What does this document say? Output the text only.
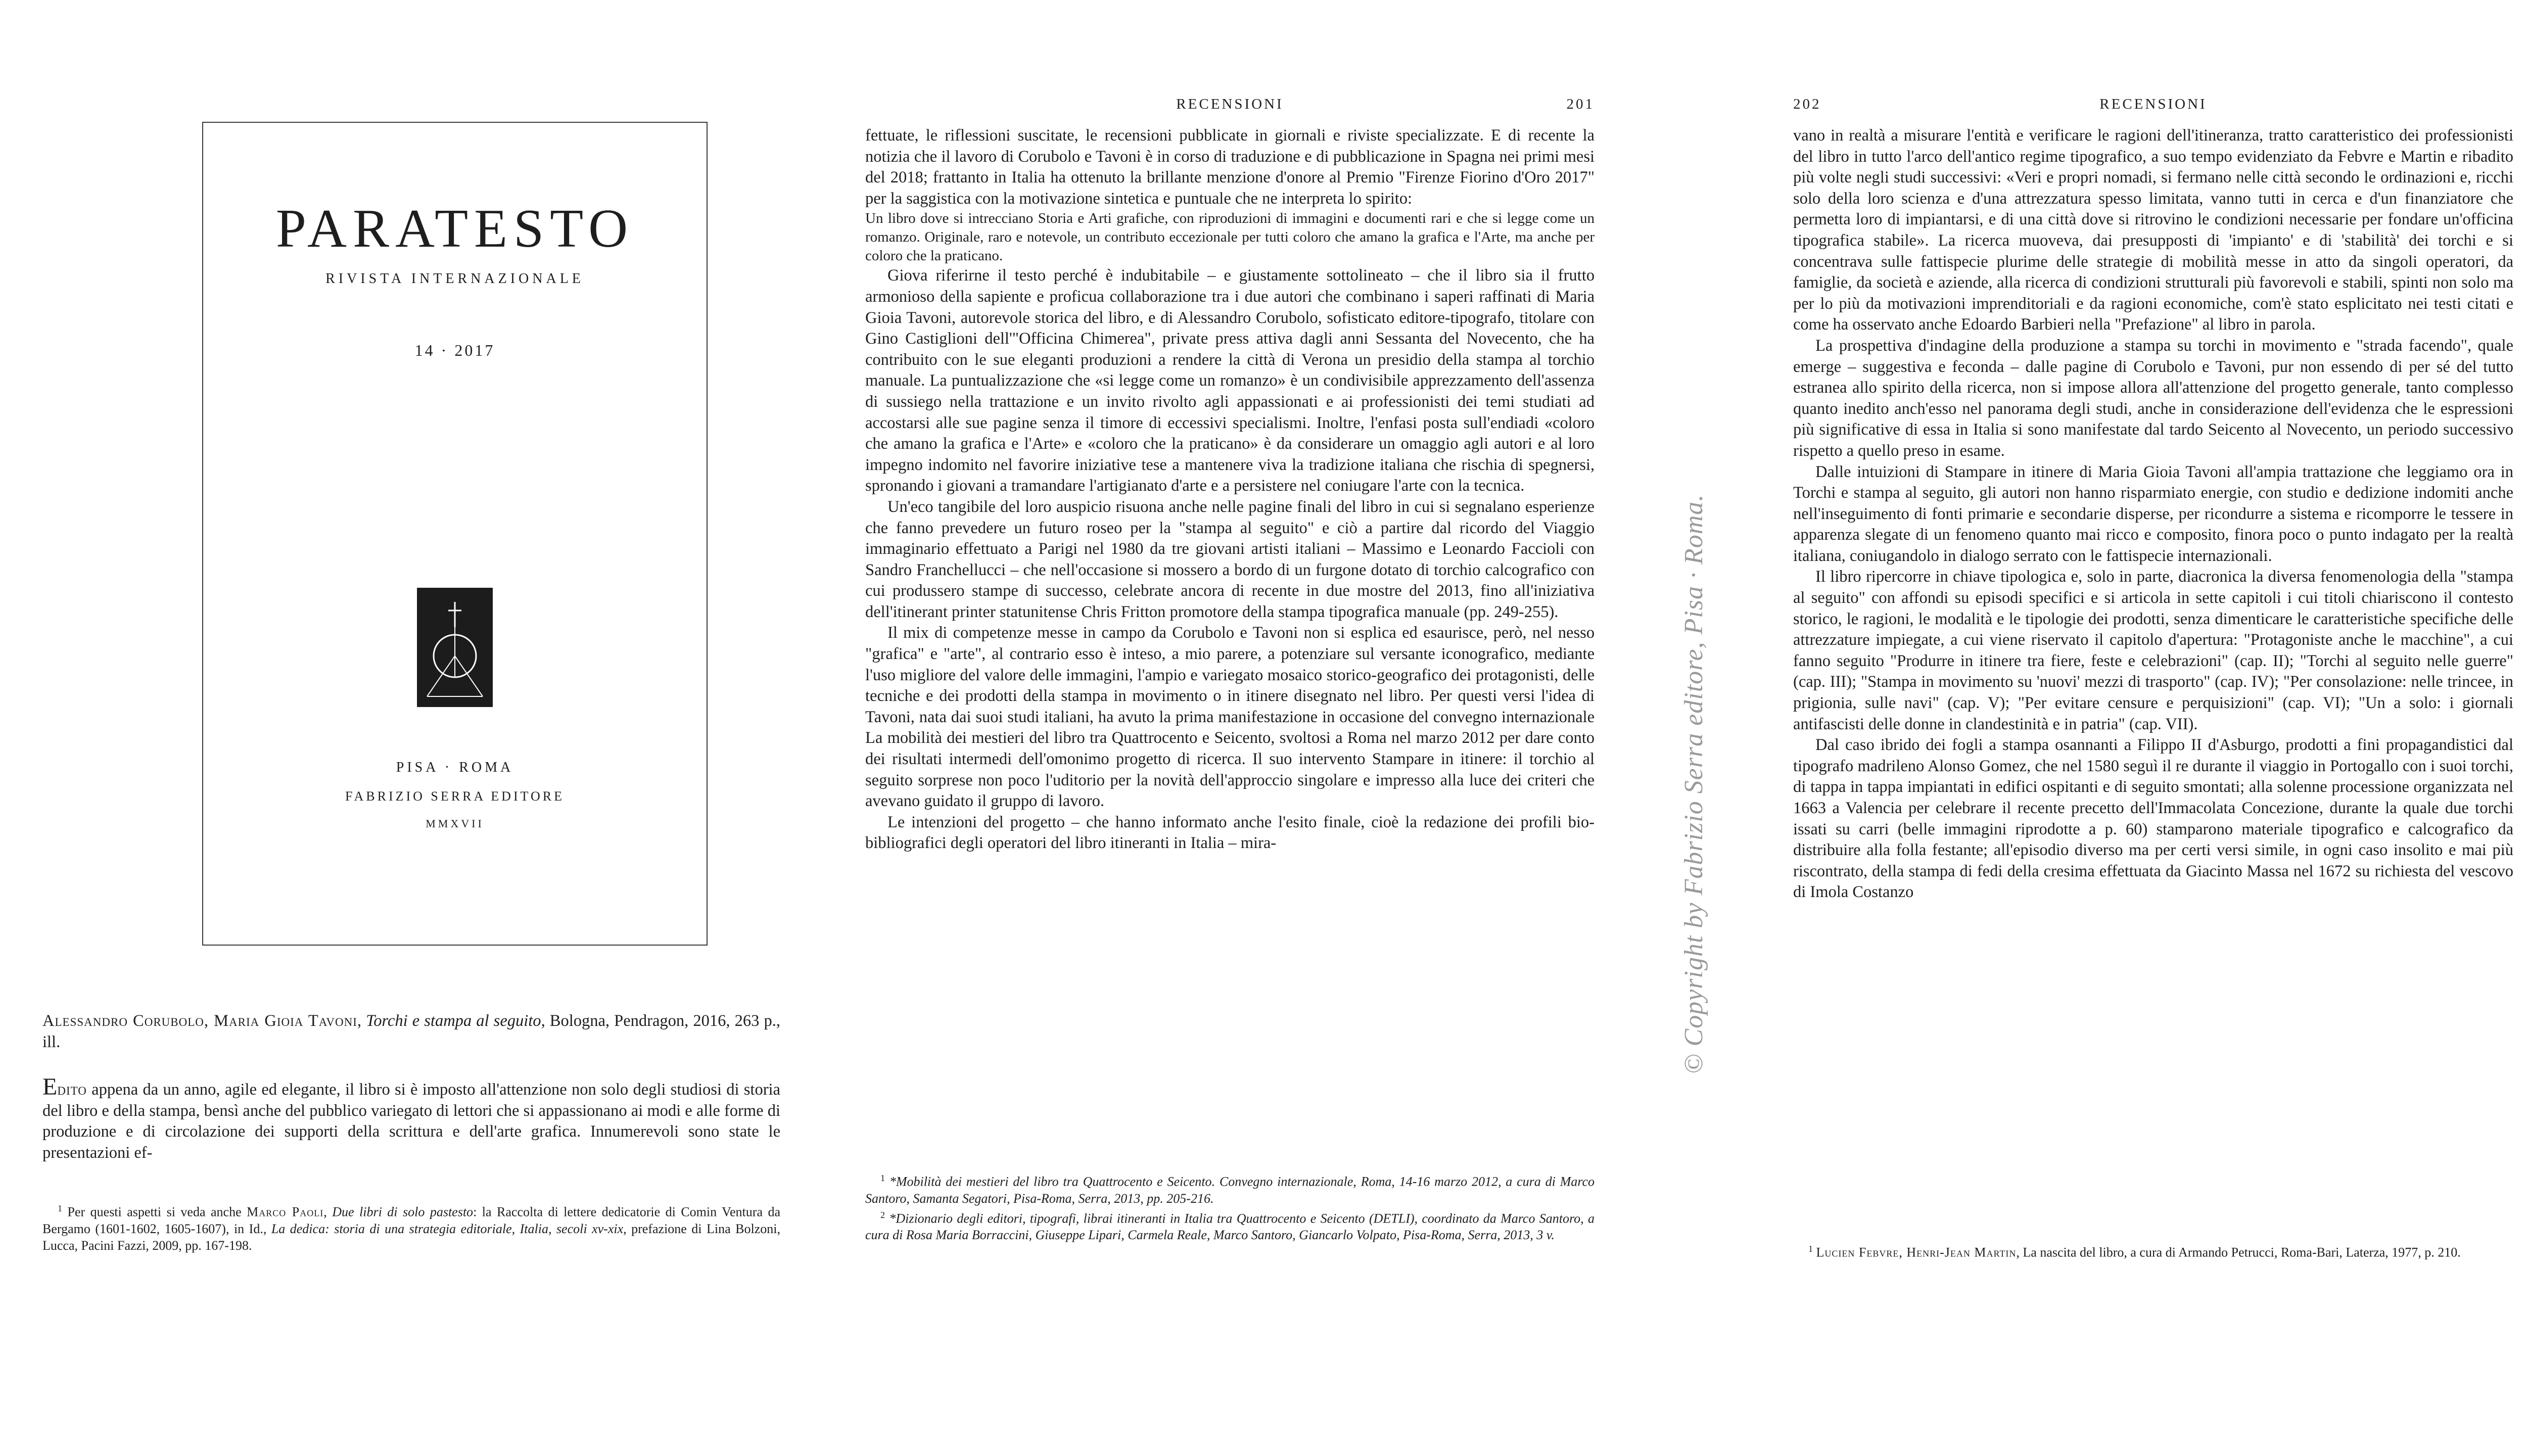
PARATESTO
RIVISTA INTERNAZIONALE
14 · 2017
PISA · ROMA
FABRIZIO SERRA EDITORE
MMXVII
Alessandro Corubolo, Maria Gioia Tavoni, Torchi e stampa al seguito, Bologna, Pendragon, 2016, 263 p., ill.
Edito appena da un anno, agile ed elegante, il libro si è imposto all'attenzione non solo degli studiosi di storia del libro e della stampa, bensì anche del pubblico variegato di lettori che si appassionano ai modi e alle forme di produzione e di circolazione dei supporti della scrittura e dell'arte grafica. Innumerevoli sono state le presentazioni ef-

$^1$ Per questi aspetti si veda anche Marco Paoli, Due libri di solo pastesto: la Raccolta di lettere dedicatorie di Comin Ventura da Bergamo (1601-1602, 1605-1607), in Id., La dedica: storia di una strategia editoriale, Italia, secoli xv-xix, prefazione di Lina Bolzoni, Lucca, Pacini Fazzi, 2009, pp. 167-198.

RECENSIONI	201

fettuate, le riflessioni suscitate, le recensioni pubblicate in giornali e riviste specializzate. E di recente la notizia che il lavoro di Corubolo e Tavoni è in corso di traduzione e di pubblicazione in Spagna nei primi mesi del 2018; frattanto in Italia ha ottenuto la brillante menzione d'onore al Premio "Firenze Fiorino d'Oro 2017" per la saggistica con la motivazione sintetica e puntuale che ne interpreta lo spirito:

Un libro dove si intrecciano Storia e Arti grafiche, con riproduzioni di immagini e documenti rari e che si legge come un romanzo. Originale, raro e notevole, un contributo eccezionale per tutti coloro che amano la grafica e l'Arte, ma anche per coloro che la praticano.

Giova riferirne il testo perché è indubitabile – e giustamente sottolineato – che il libro sia il frutto armonioso della sapiente e proficua collaborazione tra i due autori che combinano i saperi raffinati di Maria Gioia Tavoni, autorevole storica del libro, e di Alessandro Corubolo, sofisticato editore-tipografo, titolare con Gino Castiglioni dell'"Officina Chimerea", private press attiva dagli anni Sessanta del Novecento, che ha contribuito con le sue eleganti produzioni a rendere la città di Verona un presidio della stampa al torchio manuale. La puntualizzazione che «si legge come un romanzo» è un condivisibile apprezzamento dell'assenza di sussiego nella trattazione e un invito rivolto agli appassionati e ai professionisti dei temi studiati ad accostarsi alle sue pagine senza il timore di eccessivi specialismi. Inoltre, l'enfasi posta sull'endiadi «coloro che amano la grafica e l'Arte» e «coloro che la praticano» è da considerare un omaggio agli autori e al loro impegno indomito nel favorire iniziative tese a mantenere viva la tradizione italiana che rischia di spegnersi, spronando i giovani a tramandare l'artigianato d'arte e a persistere nel coniugare l'arte con la tecnica.

Un'eco tangibile del loro auspicio risuona anche nelle pagine finali del libro in cui si segnalano esperienze che fanno prevedere un futuro roseo per la "stampa al seguito" e ciò a partire dal ricordo del Viaggio immaginario effettuato a Parigi nel 1980 da tre giovani artisti italiani – Massimo e Leonardo Faccioli con Sandro Franchellucci – che nell'occasione si mossero a bordo di un furgone dotato di torchio calcografico con cui produssero stampe di successo, celebrate ancora di recente in due mostre del 2013, fino all'iniziativa dell'itinerant printer statunitense Chris Fritton promotore della stampa tipografica manuale (pp. 249-255).

Il mix di competenze messe in campo da Corubolo e Tavoni non si esplica ed esaurisce, però, nel nesso "grafica" e "arte", al contrario esso è inteso, a mio parere, a potenziare sul versante iconografico, mediante l'uso migliore del valore delle immagini, l'ampio e variegato mosaico storico-geografico dei protagonisti, delle tecniche e dei prodotti della stampa in movimento o in itinere disegnato nel libro. Per questi versi l'idea di Tavoni, nata dai suoi studi italiani, ha avuto la prima manifestazione in occasione del convegno internazionale La mobilità dei mestieri del libro tra Quattrocento e Seicento, svoltosi a Roma nel marzo 2012 per dare conto dei risultati intermedi dell'omonimo progetto di ricerca. Il suo intervento Stampare in itinere: il torchio al seguito sorprese non poco l'uditorio per la novità dell'approccio singolare e impresso alla luce dei criteri che avevano guidato il gruppo di lavoro.

Le intenzioni del progetto – che hanno informato anche l'esito finale, cioè la redazione dei profili bio-bibliografici degli operatori del libro itineranti in Italia – mira-

$^1$ *Mobilità dei mestieri del libro tra Quattrocento e Seicento. Convegno internazionale, Roma, 14-16 marzo 2012, a cura di Marco Santoro, Samanta Segatori, Pisa-Roma, Serra, 2013, pp. 205-216.

$^2$ *Dizionario degli editori, tipografi, librai itineranti in Italia tra Quattrocento e Seicento (DETLI), coordinato da Marco Santoro, a cura di Rosa Maria Borraccini, Giuseppe Lipari, Carmela Reale, Marco Santoro, Giancarlo Volpato, Pisa-Roma, Serra, 2013, 3 v.

© Copyright by Fabrizio Serra editore, Pisa · Roma.
202	RECENSIONI

vano in realtà a misurare l'entità e verificare le ragioni dell'itineranza, tratto caratteristico dei professionisti del libro in tutto l'arco dell'antico regime tipografico, a suo tempo evidenziato da Febvre e Martin e ribadito più volte negli studi successivi: «Veri e propri nomadi, si fermano nelle città secondo le ordinazioni e, ricchi solo della loro scienza e d'una attrezzatura spesso limitata, vanno tutti in cerca e d'un finanziatore che permetta loro di impiantarsi, e di una città dove si ritrovino le condizioni necessarie per fondare un'officina tipografica stabile». La ricerca muoveva, dai presupposti di 'impianto' e di 'stabilità' dei torchi e si concentrava sulle fattispecie plurime delle strategie di mobilità messe in atto da singoli operatori, da famiglie, da società e aziende, alla ricerca di condizioni strutturali più favorevoli e stabili, spinti non solo ma per lo più da motivazioni imprenditoriali e da ragioni economiche, com'è stato esplicitato nei testi citati e come ha osservato anche Edoardo Barbieri nella "Prefazione" al libro in parola.

La prospettiva d'indagine della produzione a stampa su torchi in movimento e "strada facendo", quale emerge – suggestiva e feconda – dalle pagine di Corubolo e Tavoni, pur non essendo di per sé del tutto estranea allo spirito della ricerca, non si impose allora all'attenzione del progetto generale, tanto complesso quanto inedito anch'esso nel panorama degli studi, anche in considerazione dell'evidenza che le espressioni più significative di essa in Italia si sono manifestate dal tardo Seicento al Novecento, un periodo successivo rispetto a quello preso in esame.

Dalle intuizioni di Stampare in itinere di Maria Gioia Tavoni all'ampia trattazione che leggiamo ora in Torchi e stampa al seguito, gli autori non hanno risparmiato energie, con studio e dedizione indomiti anche nell'inseguimento di fonti primarie e secondarie disperse, per ricondurre a sistema e ricomporre le tessere in apparenza slegate di un fenomeno quanto mai ricco e composito, finora poco o punto indagato per la realtà italiana, coniugandolo in dialogo serrato con le fattispecie internazionali.

Il libro ripercorre in chiave tipologica e, solo in parte, diacronica la diversa fenomenologia della "stampa al seguito" con affondi su episodi specifici e si articola in sette capitoli i cui titoli chiariscono il contesto storico, le ragioni, le modalità e le tipologie dei prodotti, senza dimenticare le caratteristiche specifiche delle attrezzature impiegate, a cui viene riservato il capitolo d'apertura: "Protagoniste anche le macchine", a cui fanno seguito "Produrre in itinere tra fiere, feste e celebrazioni" (cap. II); "Torchi al seguito nelle guerre" (cap. III); "Stampa in movimento su 'nuovi' mezzi di trasporto" (cap. IV); "Per consolazione: nelle trincee, in prigionia, sulle navi" (cap. V); "Per evitare censure e perquisizioni" (cap. VI); "Un a solo: i giornali antifascisti delle donne in clandestinità e in patria" (cap. VII).

Dal caso ibrido dei fogli a stampa osannanti a Filippo II d'Asburgo, prodotti a fini propagandistici dal tipografo madrileno Alonso Gomez, che nel 1580 seguì il re durante il viaggio in Portogallo con i suoi torchi, di tappa in tappa impiantati in edifici ospitanti e di seguito smontati; alla solenne processione organizzata nel 1663 a Valencia per celebrare il recente precetto dell'Immacolata Concezione, durante la quale due torchi issati su carri (belle immagini riprodotte a p. 60) stamparono materiale tipografico e calcografico da distribuire alla folla festante; all'episodio diverso ma per certi versi simile, in ogni caso insolito e mai più riscontrato, della stampa di fedi della cresima effettuata da Giacinto Massa nel 1672 su richiesta del vescovo di Imola Costanzo

$^1$ Lucien Febvre, Henri-Jean Martin, La nascita del libro, a cura di Armando Petrucci, Roma-Bari, Laterza, 1977, p. 210.
